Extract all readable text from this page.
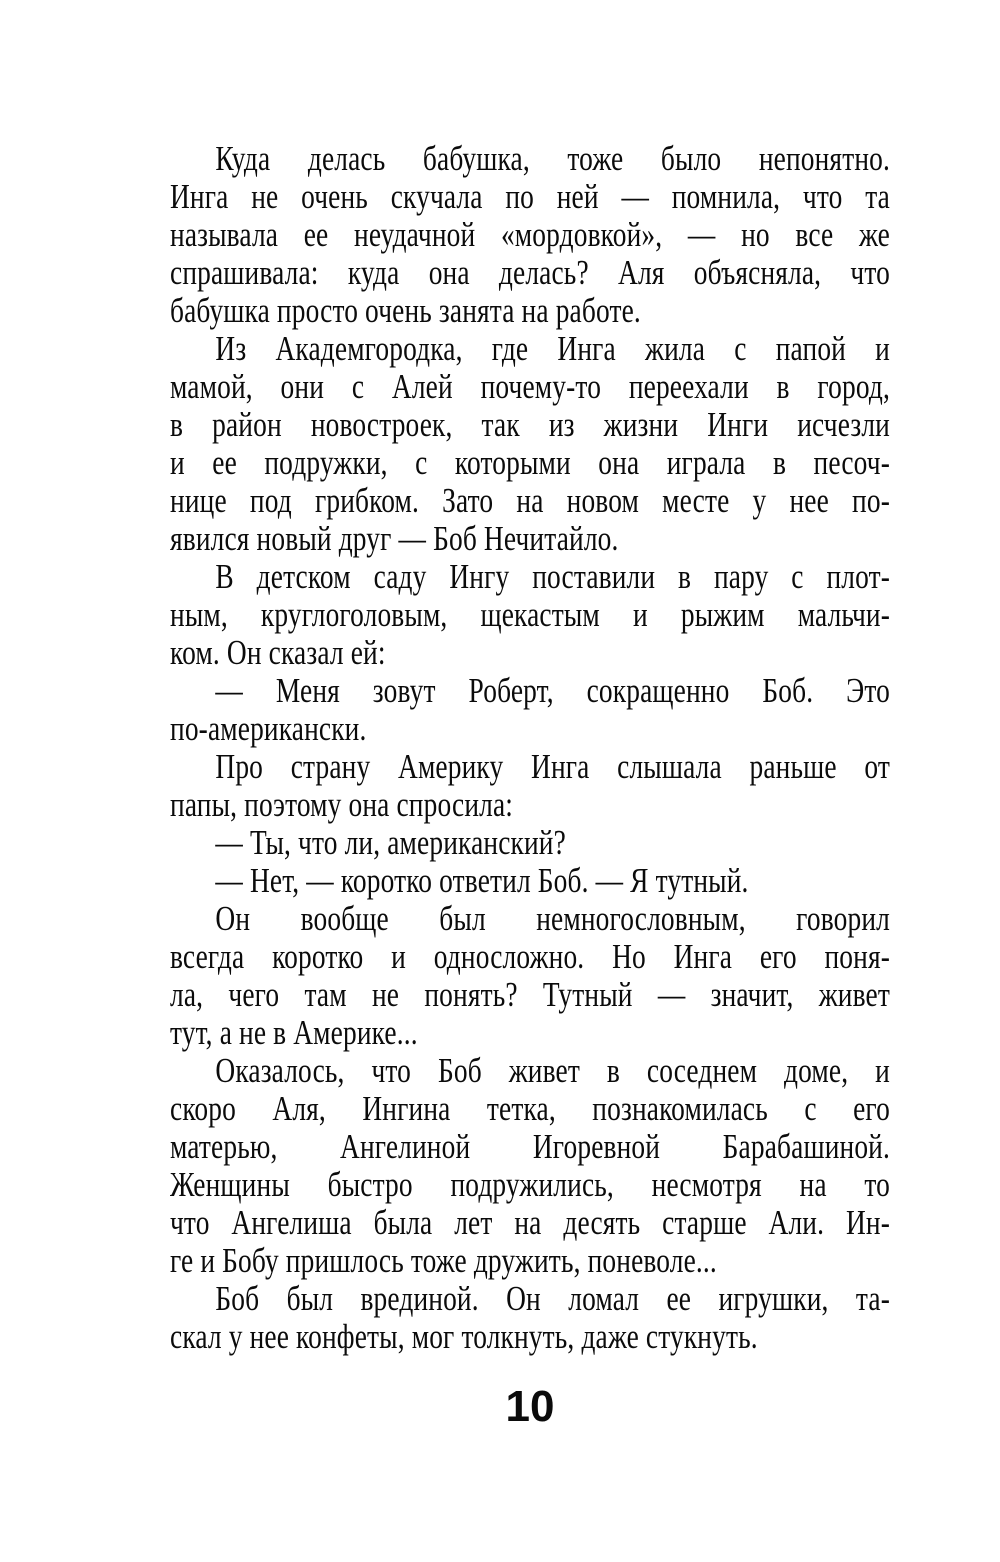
Куда делась бабушка, тоже было непонятно.
Инга не очень скучала по ней — помнила, что та
называла ее неудачной «мордовкой», — но все же
спрашивала: куда она делась? Аля объясняла, что
бабушка просто очень занята на работе.
Из Академгородка, где Инга жила с папой и
мамой, они с Алей почему-то переехали в город,
в район новостроек, так из жизни Инги исчезли
и ее подружки, с которыми она играла в песоч-
нице под грибком. Зато на новом месте у нее по-
явился новый друг — Боб Нечитайло.
В детском саду Ингу поставили в пару с плот-
ным, круглоголовым, щекастым и рыжим мальчи-
ком. Он сказал ей:
— Меня зовут Роберт, сокращенно Боб. Это
по-американски.
Про страну Америку Инга слышала раньше от
папы, поэтому она спросила:
— Ты, что ли, американский?
— Нет, — коротко ответил Боб. — Я тутный.
Он вообще был немногословным, говорил
всегда коротко и односложно. Но Инга его поня-
ла, чего там не понять? Тутный — значит, живет
тут, а не в Америке...
Оказалось, что Боб живет в соседнем доме, и
скоро Аля, Ингина тетка, познакомилась с его
матерью, Ангелиной Игоревной Барабашиной.
Женщины быстро подружились, несмотря на то
что Ангелиша была лет на десять старше Али. Ин-
ге и Бобу пришлось тоже дружить, поневоле...
Боб был врединой. Он ломал ее игрушки, та-
скал у нее конфеты, мог толкнуть, даже стукнуть.
10
